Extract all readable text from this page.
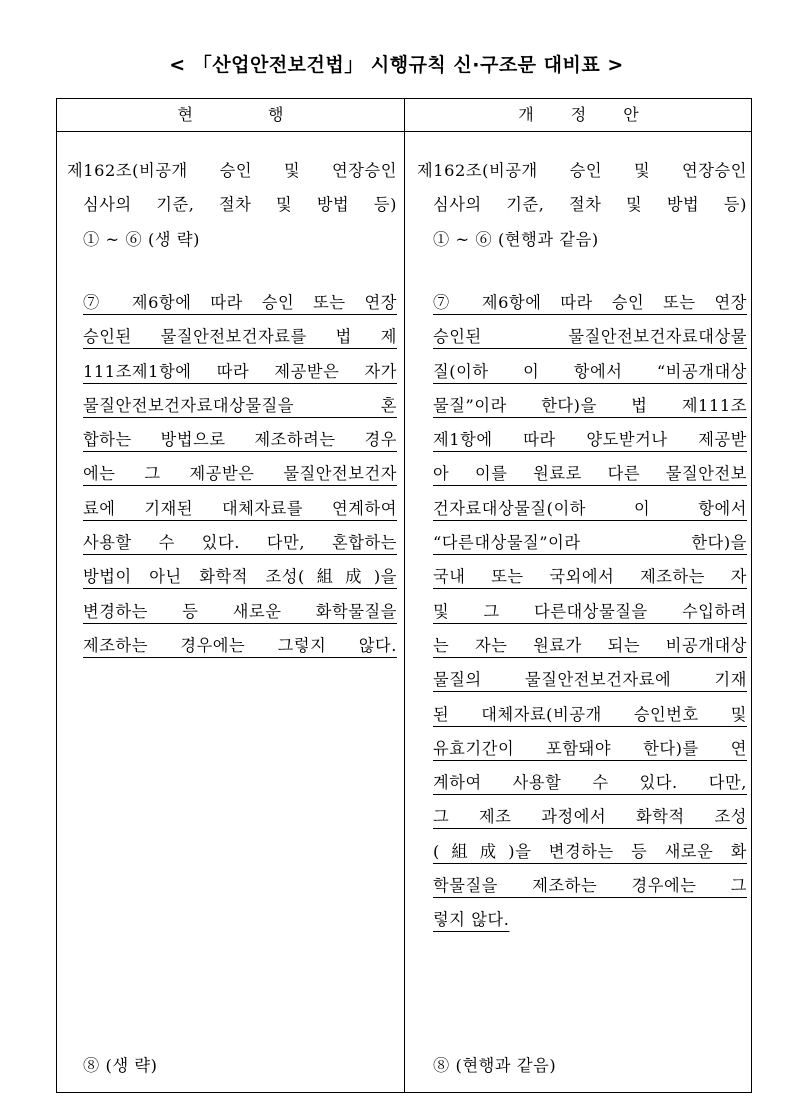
< 「산업안전보건법」 시행규칙 신·구조문 대비표 >
현 행	개 정 안
제162조(비공개 승인 및 연장승인
심사의 기준, 절차 및 방법 등)
① ~ ⑥ (생 략)
⑦ 제6항에 따라 승인 또는 연장
승인된 물질안전보건자료를 법 제
111조제1항에 따라 제공받은 자가
물질안전보건자료대상물질을 혼
합하는 방법으로 제조하려는 경우
에는 그 제공받은 물질안전보건자
료에 기재된 대체자료를 연계하여
사용할 수 있다. 다만, 혼합하는
방법이 아닌 화학적 조성(組成)을
변경하는 등 새로운 화학물질을
제조하는 경우에는 그렇지 않다.
⑧ (생 략)
제162조(비공개 승인 및 연장승인
심사의 기준, 절차 및 방법 등)
① ~ ⑥ (현행과 같음)
⑦ 제6항에 따라 승인 또는 연장
승인된 물질안전보건자료대상물
질(이하 이 항에서 “비공개대상
물질”이라 한다)을 법 제111조
제1항에 따라 양도받거나 제공받
아 이를 원료로 다른 물질안전보
건자료대상물질(이하 이 항에서
“다른대상물질”이라 한다)을
국내 또는 국외에서 제조하는 자
및 그 다른대상물질을 수입하려
는 자는 원료가 되는 비공개대상
물질의 물질안전보건자료에 기재
된 대체자료(비공개 승인번호 및
유효기간이 포함돼야 한다)를 연
계하여 사용할 수 있다. 다만,
그 제조 과정에서 화학적 조성
(組成)을 변경하는 등 새로운 화
학물질을 제조하는 경우에는 그
렇지 않다.
⑧ (현행과 같음)
